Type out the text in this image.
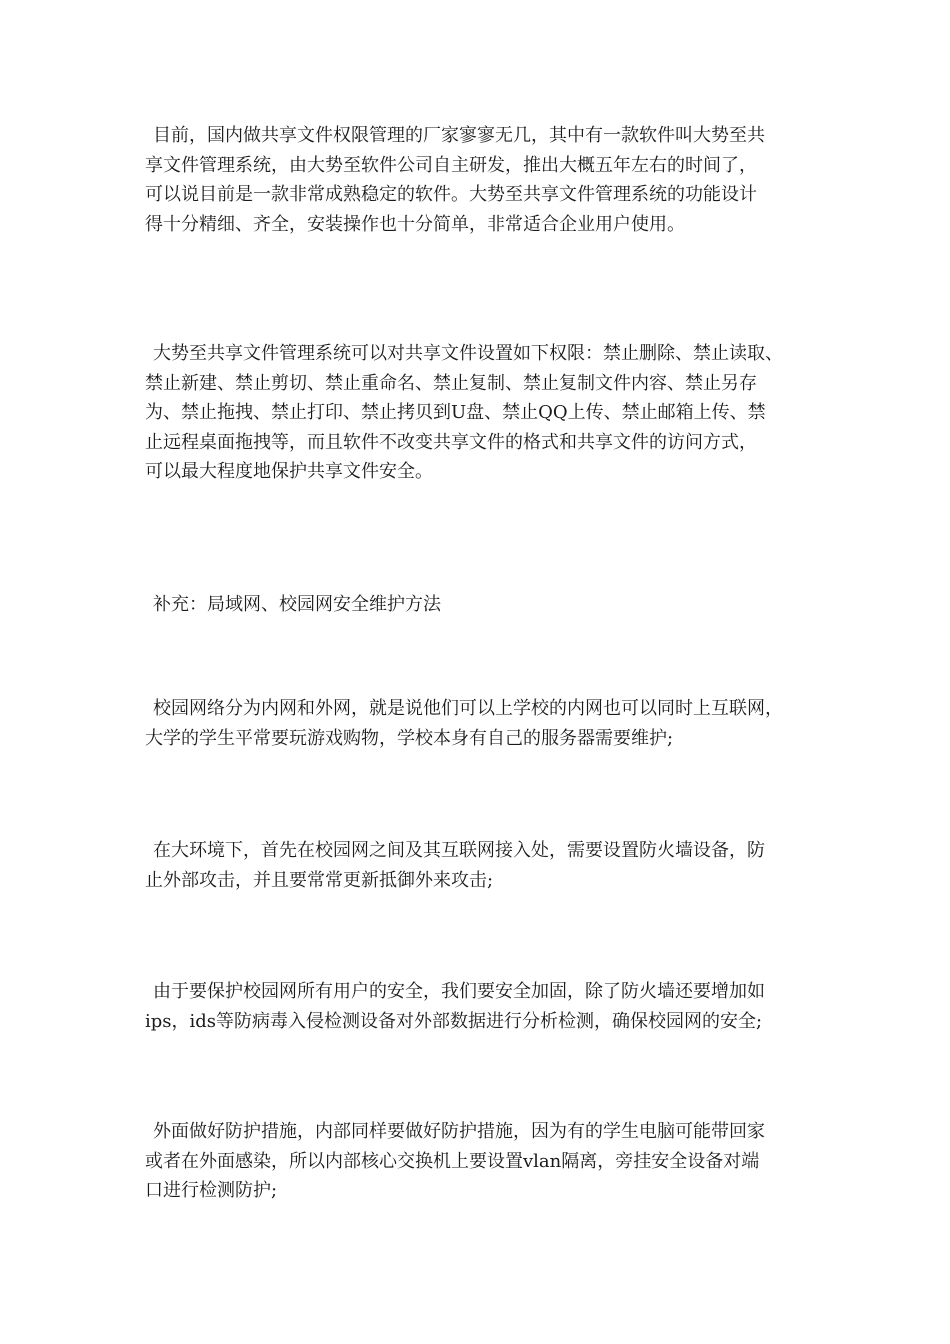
目前，国内做共享文件权限管理的厂家寥寥无几，其中有一款软件叫大势至共
享文件管理系统，由大势至软件公司自主研发，推出大概五年左右的时间了，
可以说目前是一款非常成熟稳定的软件。大势至共享文件管理系统的功能设计
得十分精细、齐全，安装操作也十分简单，非常适合企业用户使用。
大势至共享文件管理系统可以对共享文件设置如下权限：禁止删除、禁止读取、
禁止新建、禁止剪切、禁止重命名、禁止复制、禁止复制文件内容、禁止另存
为、禁止拖拽、禁止打印、禁止拷贝到U盘、禁止QQ上传、禁止邮箱上传、禁
止远程桌面拖拽等，而且软件不改变共享文件的格式和共享文件的访问方式，
可以最大程度地保护共享文件安全。
补充：局域网、校园网安全维护方法
校园网络分为内网和外网，就是说他们可以上学校的内网也可以同时上互联网，
大学的学生平常要玩游戏购物，学校本身有自己的服务器需要维护;
在大环境下，首先在校园网之间及其互联网接入处，需要设置防火墙设备，防
止外部攻击，并且要常常更新抵御外来攻击;
由于要保护校园网所有用户的安全，我们要安全加固，除了防火墙还要增加如
ips，ids等防病毒入侵检测设备对外部数据进行分析检测，确保校园网的安全;
外面做好防护措施，内部同样要做好防护措施，因为有的学生电脑可能带回家
或者在外面感染，所以内部核心交换机上要设置vlan隔离，旁挂安全设备对端
口进行检测防护;
